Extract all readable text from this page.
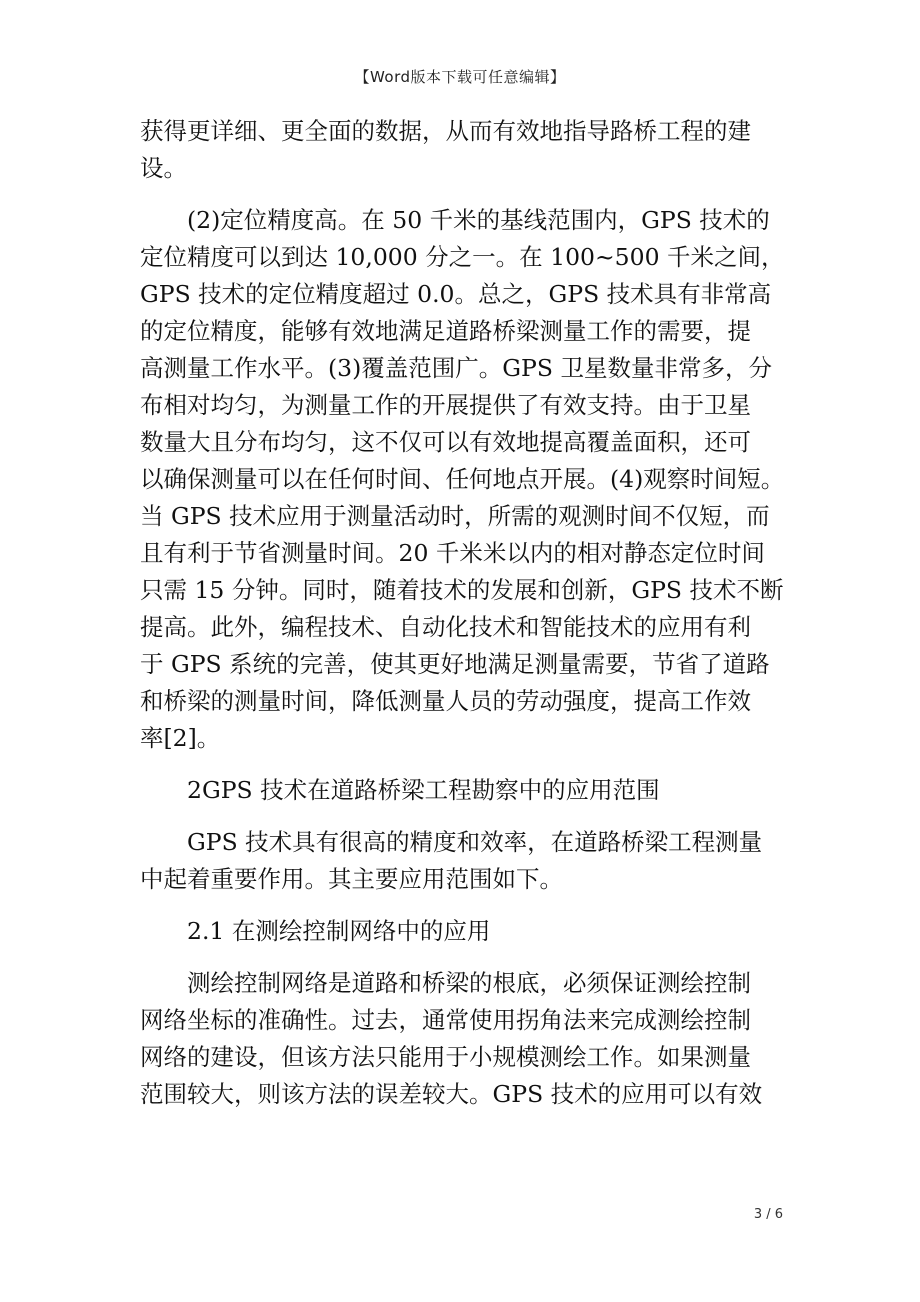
【Word版本下载可任意编辑】
获得更详细、更全面的数据，从而有效地指导路桥工程的建
设。
(2)定位精度高。在 50 千米的基线范围内，GPS 技术的
定位精度可以到达 10,000 分之一。在 100~500 千米之间，
GPS 技术的定位精度超过 0.0。总之，GPS 技术具有非常高
的定位精度，能够有效地满足道路桥梁测量工作的需要，提
高测量工作水平。(3)覆盖范围广。GPS 卫星数量非常多，分
布相对均匀，为测量工作的开展提供了有效支持。由于卫星
数量大且分布均匀，这不仅可以有效地提高覆盖面积，还可
以确保测量可以在任何时间、任何地点开展。(4)观察时间短。
当 GPS 技术应用于测量活动时，所需的观测时间不仅短，而
且有利于节省测量时间。20 千米米以内的相对静态定位时间
只需 15 分钟。同时，随着技术的发展和创新，GPS 技术不断
提高。此外，编程技术、自动化技术和智能技术的应用有利
于 GPS 系统的完善，使其更好地满足测量需要，节省了道路
和桥梁的测量时间，降低测量人员的劳动强度，提高工作效
率[2]。
2GPS 技术在道路桥梁工程勘察中的应用范围
GPS 技术具有很高的精度和效率，在道路桥梁工程测量
中起着重要作用。其主要应用范围如下。
2.1 在测绘控制网络中的应用
测绘控制网络是道路和桥梁的根底，必须保证测绘控制
网络坐标的准确性。过去，通常使用拐角法来完成测绘控制
网络的建设，但该方法只能用于小规模测绘工作。如果测量
范围较大，则该方法的误差较大。GPS 技术的应用可以有效
3 / 6
